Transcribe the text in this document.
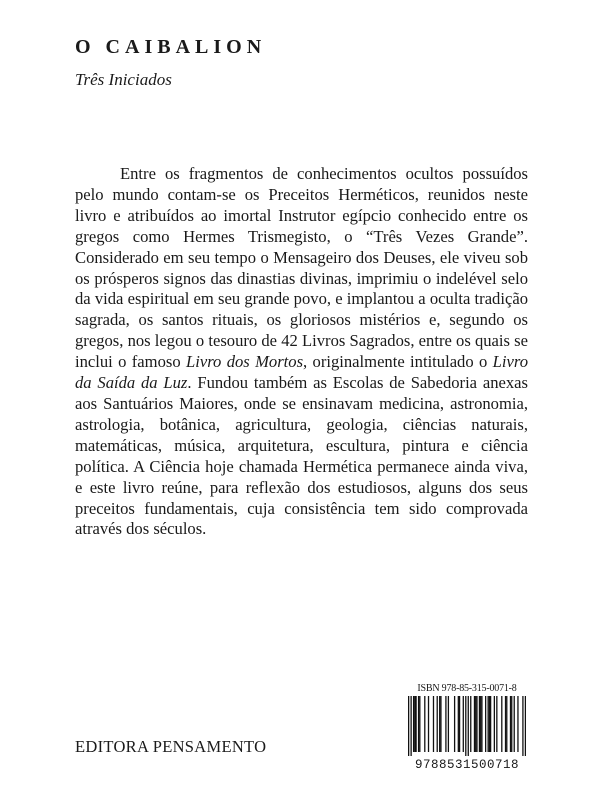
O CAIBALION

Três Iniciados

Entre os fragmentos de conhecimentos ocultos possuídos pelo mundo contam-se os Preceitos Herméticos, reunidos neste livro e atribuídos ao imortal Instrutor egípcio conhecido entre os gregos como Hermes Trismegisto, o “Três Vezes Grande”. Considerado em seu tempo o Mensageiro dos Deuses, ele viveu sob os prósperos signos das dinastias divinas, imprimiu o indelével selo da vida espiritual em seu grande povo, e implantou a oculta tradição sagrada, os santos rituais, os gloriosos mistérios e, segundo os gregos, nos legou o tesouro de 42 Livros Sagrados, entre os quais se inclui o famoso Livro dos Mortos, originalmente intitulado o Livro da Saída da Luz. Fundou também as Escolas de Sabedoria anexas aos Santuários Maiores, onde se ensinavam medicina, astronomia, astrologia, botânica, agricultura, geologia, ciências naturais, matemáticas, música, arquitetura, escultura, pintura e ciência política. A Ciência hoje chamada Hermética permanece ainda viva, e este livro reúne, para reflexão dos estudiosos, alguns dos seus preceitos fundamentais, cuja consistência tem sido comprovada através dos séculos.

EDITORA PENSAMENTO

ISBN 978-85-315-0071-8
9788531500718
